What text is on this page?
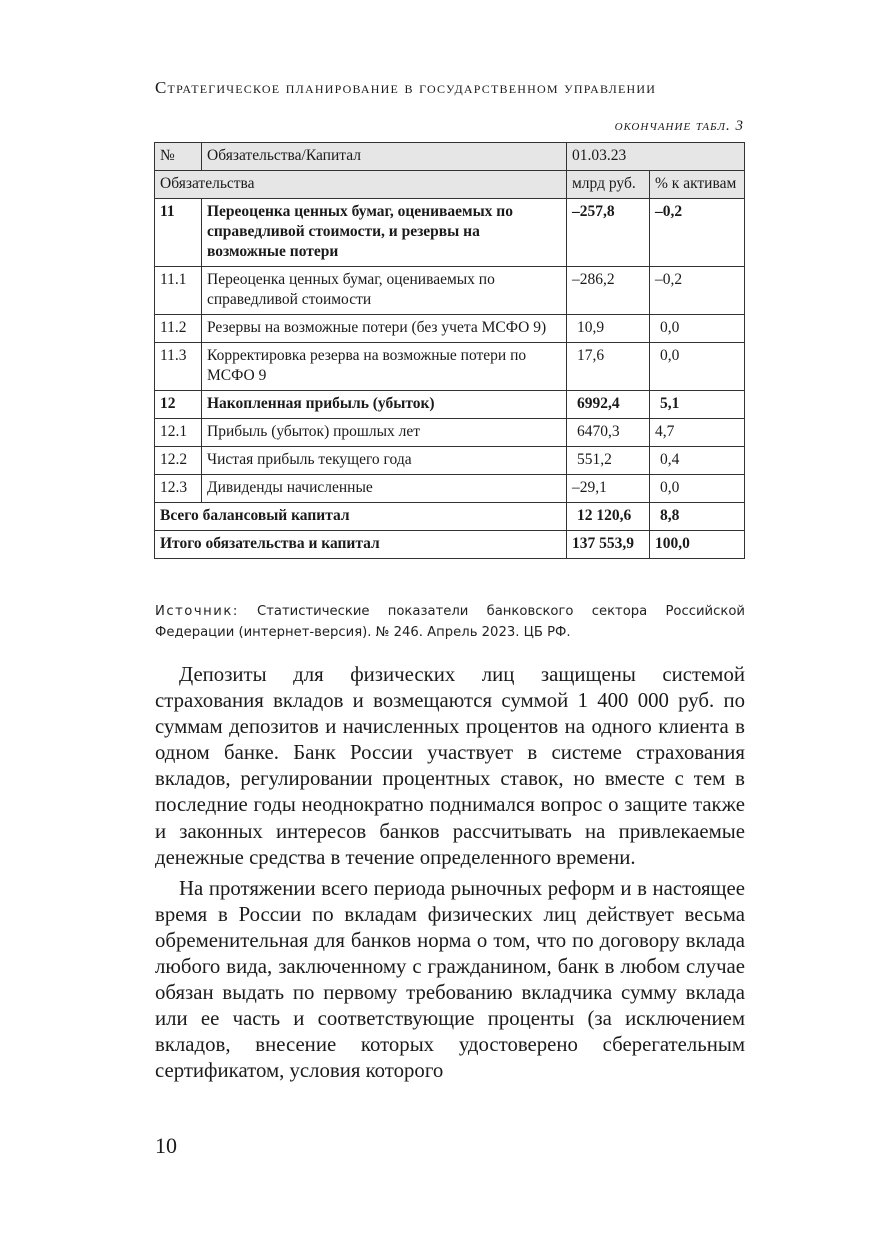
Стратегическое планирование в государственном управлении
окончание табл. 3
№	Обязательства/Капитал	01.03.23	
Обязательства		млрд руб.	% к активам
11	Переоценка ценных бумаг, оцениваемых по справедливой стоимости, и резервы на возможные потери	–257,8	–0,2
11.1	Переоценка ценных бумаг, оцениваемых по справедливой стоимости	–286,2	–0,2
11.2	Резервы на возможные потери (без учета МСФО 9)	10,9	0,0
11.3	Корректировка резерва на возможные потери по МСФО 9	17,6	0,0
12	Накопленная прибыль (убыток)	6992,4	5,1
12.1	Прибыль (убыток) прошлых лет	6470,3	4,7
12.2	Чистая прибыль текущего года	551,2	0,4
12.3	Дивиденды начисленные	–29,1	0,0
Всего балансовый капитал		12 120,6	8,8
Итого обязательства и капитал		137 553,9	100,0
Источник: Статистические показатели банковского сектора Российской Федерации (интернет-версия). № 246. Апрель 2023. ЦБ РФ.

Депозиты для физических лиц защищены системой страхования вкладов и возмещаются суммой 1 400 000 руб. по суммам депозитов и начисленных процентов на одного клиента в одном банке. Банк России участвует в системе страхования вкладов, регулировании процентных ставок, но вместе с тем в последние годы неоднократно поднимался вопрос о защите также и законных интересов банков рассчитывать на привлекаемые денежные средства в течение определенного времени.

На протяжении всего периода рыночных реформ и в настоящее время в России по вкладам физических лиц действует весьма обременительная для банков норма о том, что по договору вклада любого вида, заключенному с гражданином, банк в любом случае обязан выдать по первому требованию вкладчика сумму вклада или ее часть и соответствующие проценты (за исключением вкладов, внесение которых удостоверено сберегательным сертификатом, условия которого

10
